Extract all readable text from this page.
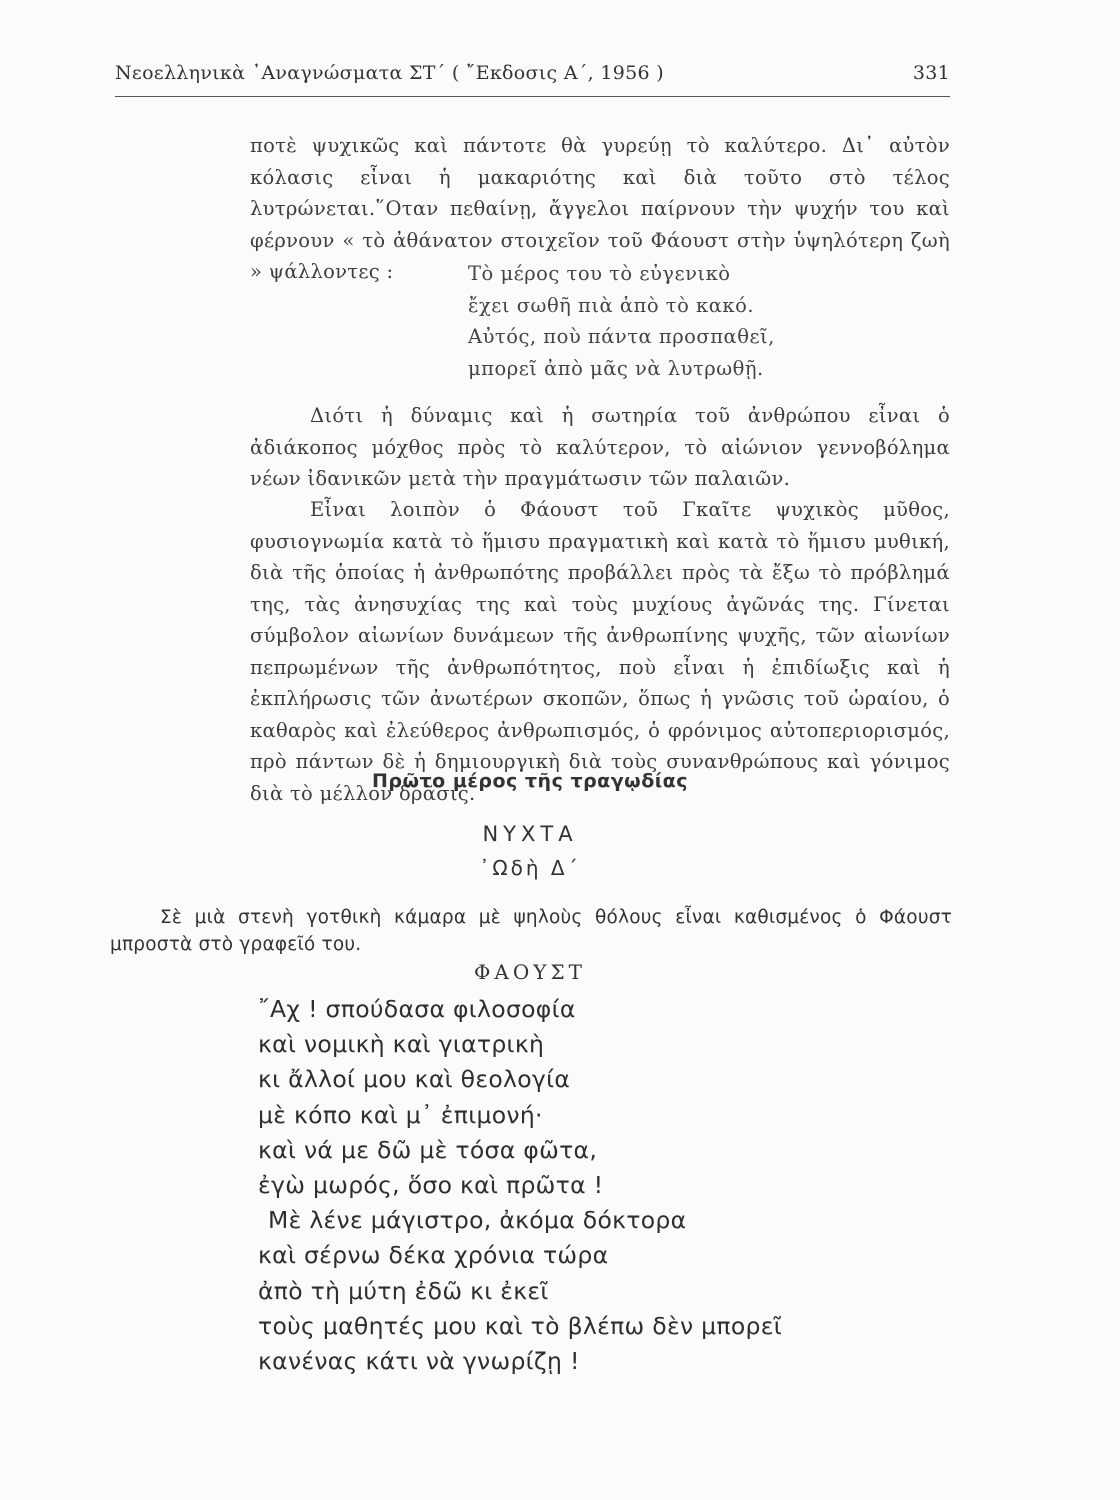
Νεοελληνικὰ ᾿Αναγνώσματα ΣΤ΄ ( ῎Εκδοσις Α΄, 1956 )	331

ποτὲ ψυχικῶς καὶ πάντοτε θὰ γυρεύῃ τὸ καλύτερο. Δι᾿ αὐτὸν κόλασις εἶναι ἡ μακαριότης καὶ διὰ τοῦτο στὸ τέλος λυτρώνεται.῞Οταν πεθαίνῃ, ἄγγελοι παίρνουν τὴν ψυχήν του καὶ φέρνουν « τὸ ἀθάνατον στοιχεῖον τοῦ Φάουστ στὴν ὑψηλότερη ζωὴ » ψάλλοντες :

Διότι ἡ δύναμις καὶ ἡ σωτηρία τοῦ ἀνθρώπου εἶναι ὁ ἀδιάκοπος μόχθος πρὸς τὸ καλύτερον, τὸ αἰώνιον γεννοβόλημα νέων ἰδανικῶν μετὰ τὴν πραγμάτωσιν τῶν παλαιῶν.

Εἶναι λοιπὸν ὁ Φάουστ τοῦ Γκαῖτε ψυχικὸς μῦθος, φυσιογνωμία κατὰ τὸ ἥμισυ πραγματικὴ καὶ κατὰ τὸ ἥμισυ μυθική, διὰ τῆς ὁποίας ἡ ἀνθρωπότης προβάλλει πρὸς τὰ ἔξω τὸ πρόβλημά της, τὰς ἀνησυχίας της καὶ τοὺς μυχίους ἀγῶνάς της. Γίνεται σύμβολον αἰωνίων δυνάμεων τῆς ἀνθρωπίνης ψυχῆς, τῶν αἰωνίων πεπρωμένων τῆς ἀνθρωπότητος, ποὺ εἶναι ἡ ἐπιδίωξις καὶ ἡ ἐκπλήρωσις τῶν ἀνωτέρων σκοπῶν, ὅπως ἡ γνῶσις τοῦ ὡραίου, ὁ καθαρὸς καὶ ἐλεύθερος ἀνθρωπισμός, ὁ φρόνιμος αὐτοπεριορισμός, πρὸ πάντων δὲ ἡ δημιουργικὴ διὰ τοὺς συνανθρώπους καὶ γόνιμος διὰ τὸ μέλλον δρᾶσις.

Τὸ μέρος του τὸ εὐγενικὸ
ἔχει σωθῆ πιὰ ἀπὸ τὸ κακό.
Αὐτός, ποὺ πάντα προσπαθεῖ,
μπορεῖ ἀπὸ μᾶς νὰ λυτρωθῇ.
Πρῶτο μέρος τῆς τραγῳδίας
ΝΥΧΤΑ
᾿Ωδὴ Δ΄

Σὲ μιὰ στενὴ γοτθικὴ κάμαρα μὲ ψηλοὺς θόλους εἶναι καθισμένος ὁ Φάουστ μπροστὰ στὸ γραφεῖό του.

ΦΑΟΥΣΤ
῎Αχ ! σπούδασα φιλοσοφία
καὶ νομικὴ καὶ γιατρικὴ
κι ἄλλοί μου καὶ θεολογία
μὲ κόπο καὶ μ᾿ ἐπιμονή·
καὶ νά με δῶ μὲ τόσα φῶτα,
ἐγὼ μωρός, ὅσο καὶ πρῶτα !
Μὲ λένε μάγιστρο, ἀκόμα δόκτορα
καὶ σέρνω δέκα χρόνια τώρα
ἀπὸ τὴ μύτη ἐδῶ κι ἐκεῖ
τοὺς μαθητές μου καὶ τὸ βλέπω δὲν μπορεῖ
κανένας κάτι νὰ γνωρίζῃ !
